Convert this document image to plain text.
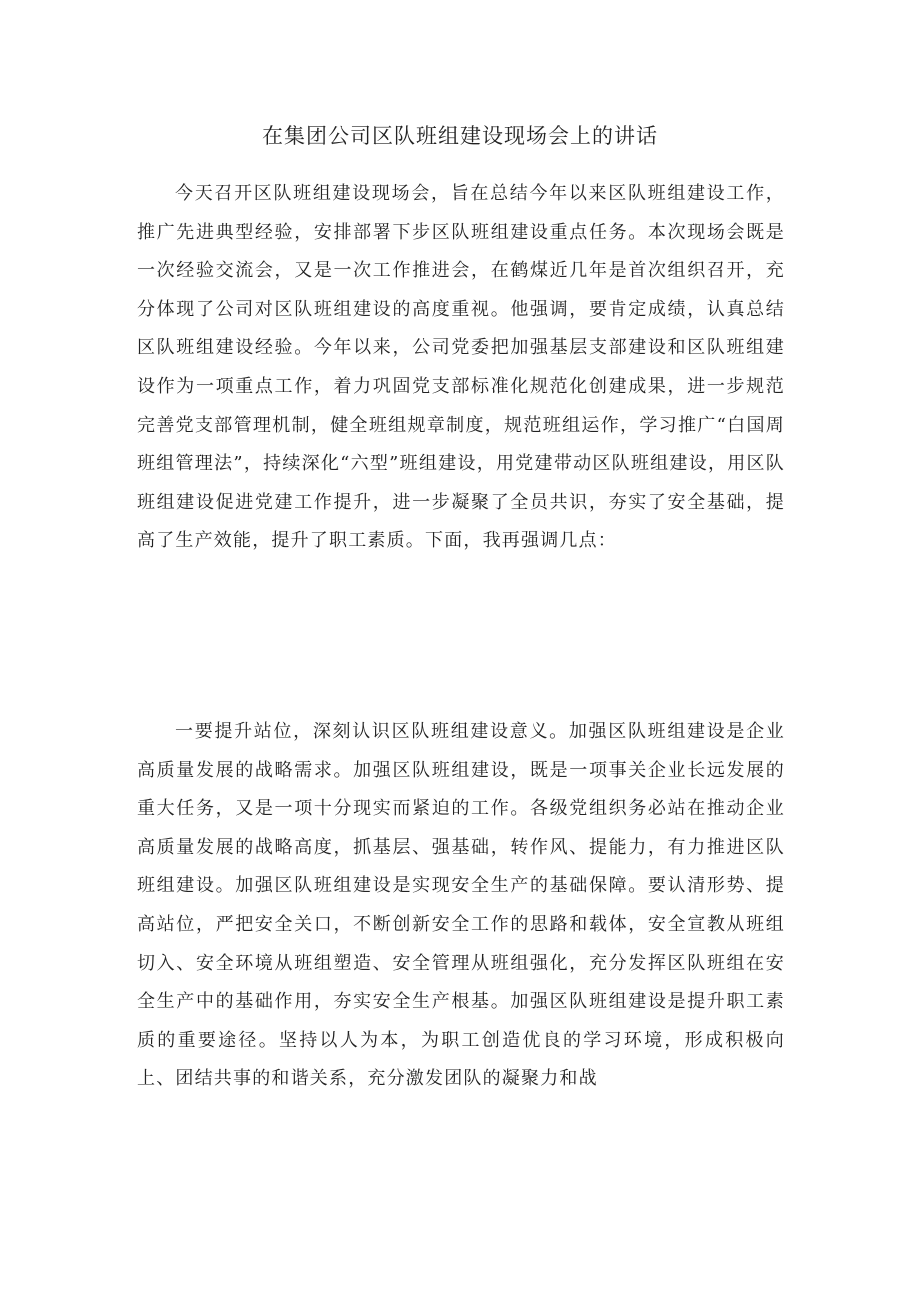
在集团公司区队班组建设现场会上的讲话

今天召开区队班组建设现场会，旨在总结今年以来区队班组建设工作，推广先进典型经验，安排部署下步区队班组建设重点任务。本次现场会既是一次经验交流会，又是一次工作推进会，在鹤煤近几年是首次组织召开，充分体现了公司对区队班组建设的高度重视。他强调，要肯定成绩，认真总结区队班组建设经验。今年以来，公司党委把加强基层支部建设和区队班组建设作为一项重点工作，着力巩固党支部标准化规范化创建成果，进一步规范完善党支部管理机制，健全班组规章制度，规范班组运作，学习推广“白国周班组管理法”，持续深化“六型”班组建设，用党建带动区队班组建设，用区队班组建设促进党建工作提升，进一步凝聚了全员共识，夯实了安全基础，提高了生产效能，提升了职工素质。下面，我再强调几点：

一要提升站位，深刻认识区队班组建设意义。加强区队班组建设是企业高质量发展的战略需求。加强区队班组建设，既是一项事关企业长远发展的重大任务，又是一项十分现实而紧迫的工作。各级党组织务必站在推动企业高质量发展的战略高度，抓基层、强基础，转作风、提能力，有力推进区队班组建设。加强区队班组建设是实现安全生产的基础保障。要认清形势、提高站位，严把安全关口，不断创新安全工作的思路和载体，安全宣教从班组切入、安全环境从班组塑造、安全管理从班组强化，充分发挥区队班组在安全生产中的基础作用，夯实安全生产根基。加强区队班组建设是提升职工素质的重要途径。坚持以人为本，为职工创造优良的学习环境，形成积极向上、团结共事的和谐关系，充分激发团队的凝聚力和战
